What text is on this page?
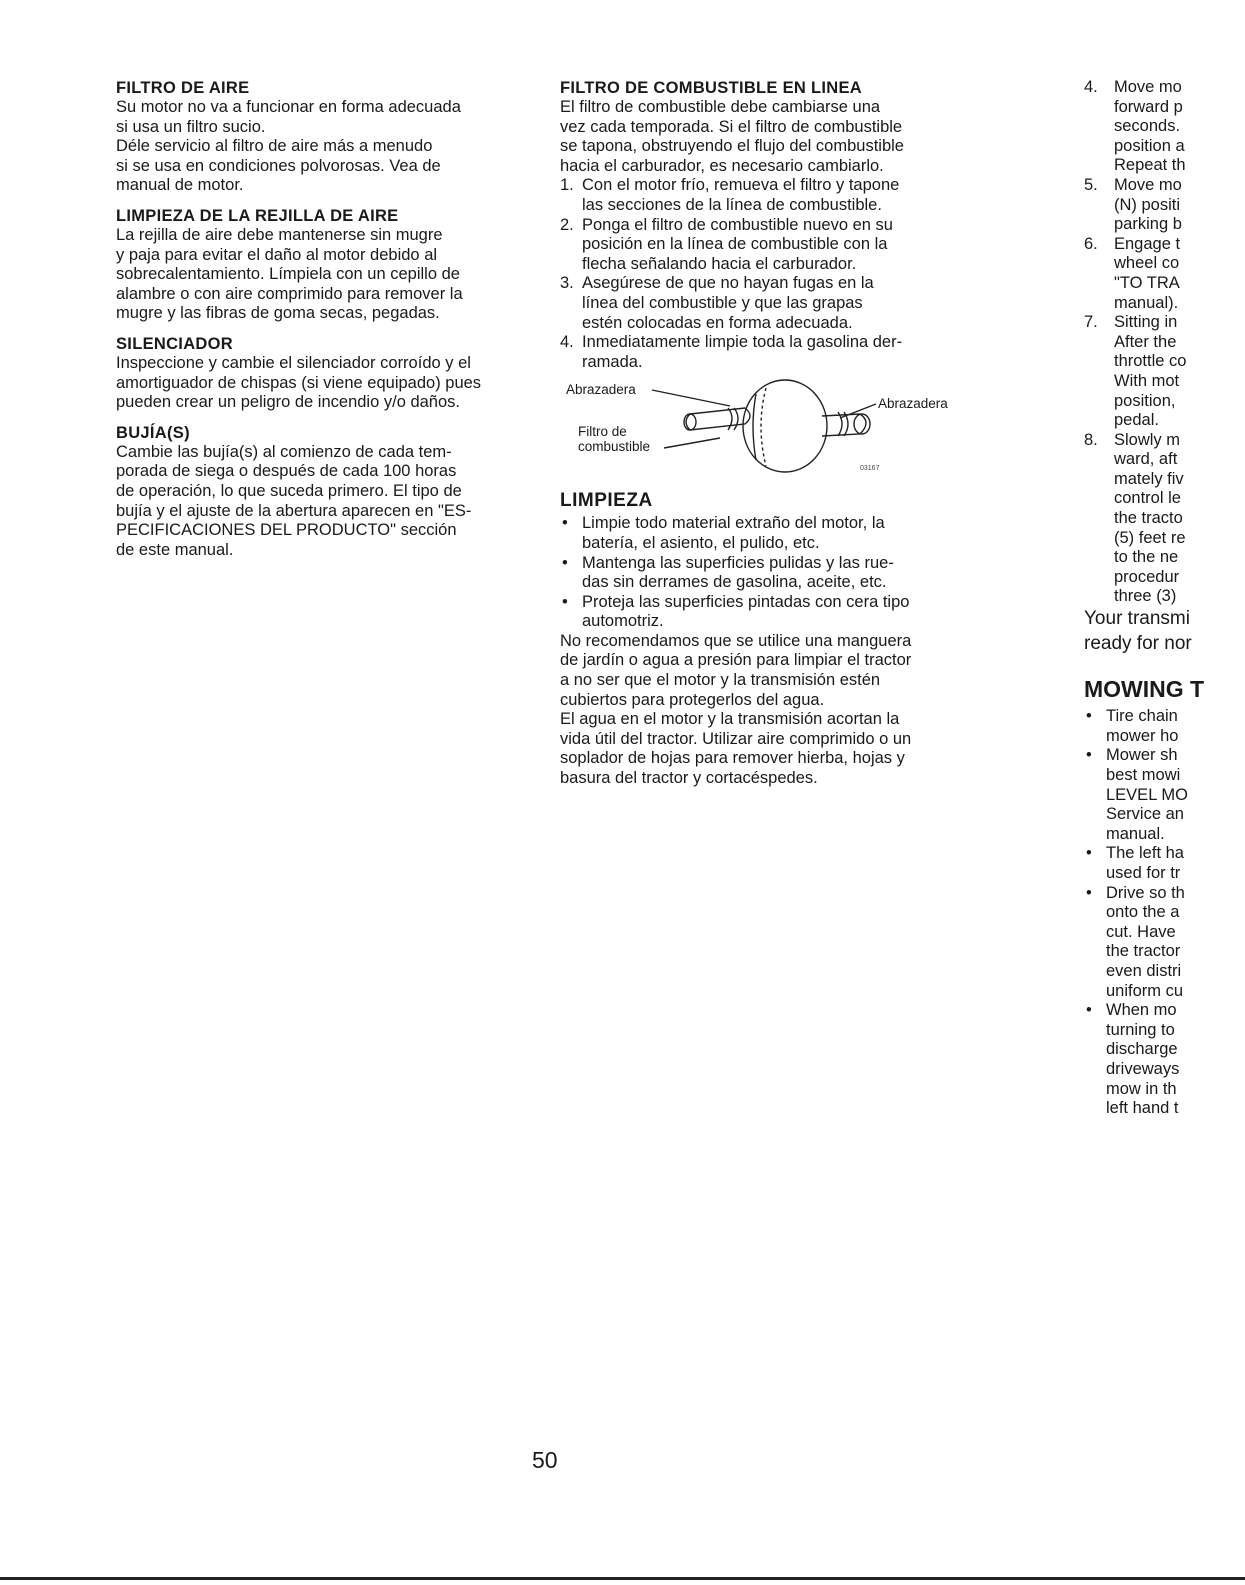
FILTRO DE AIRE

Su motor no va a funcionar en forma adecuada

si usa un filtro sucio.

Déle servicio al filtro de aire más a menudo

si se usa en condiciones polvorosas. Vea de

manual de motor.

LIMPIEZA DE LA REJILLA DE AIRE

La rejilla de aire debe mantenerse sin mugre

y paja para evitar el daño al motor debido al

sobrecalentamiento. Límpiela con un cepillo de

alambre o con aire comprimido para remover la

mugre y las fibras de goma secas, pegadas.

SILENCIADOR

Inspeccione y cambie el silenciador corroído y el

amortiguador de chispas (si viene equipado) pues

pueden crear un peligro de incendio y/o daños.

BUJÍA(S)

Cambie las bujía(s) al comienzo de cada tem-

porada de siega o después de cada 100 horas

de operación, lo que suceda primero. El tipo de

bujía y el ajuste de la abertura aparecen en "ES-

PECIFICACIONES DEL PRODUCTO" sección

de este manual.

FILTRO DE COMBUSTIBLE EN LINEA

El filtro de combustible debe cambiarse una

vez cada temporada. Si el filtro de combustible

se tapona, obstruyendo el flujo del combustible

hacia el carburador, es necesario cambiarlo.

1. Con el motor frío, remueva el filtro y tapone
las secciones de la línea de combustible.
2. Ponga el filtro de combustible nuevo en su
posición en la línea de combustible con la
flecha señalando hacia el carburador.
3. Asegúrese de que no hayan fugas en la
línea del combustible y que las grapas
estén colocadas en forma adecuada.
4. Inmediatamente limpie toda la gasolina der-
ramada.
Abrazadera
Abrazadera
Filtro de
combustible
03167
LIMPIEZA
• Limpie todo material extraño del motor, la
batería, el asiento, el pulido, etc.
• Mantenga las superficies pulidas y las rue-
das sin derrames de gasolina, aceite, etc.
• Proteja las superficies pintadas con cera tipo
automotriz.

No recomendamos que se utilice una manguera

de jardín o agua a presión para limpiar el tractor

a no ser que el motor y la transmisión estén

cubiertos para protegerlos del agua.

El agua en el motor y la transmisión acortan la

vida útil del tractor. Utilizar aire comprimido o un

soplador de hojas para remover hierba, hojas y

basura del tractor y cortacéspedes.

4. Move mo
forward p
seconds.
position a
Repeat th
5. Move mo
(N) positi
parking b
6. Engage t
wheel co
"TO TRA
manual).
7. Sitting in
After the
throttle co
With mot
position,
pedal.
8. Slowly m
ward, aft
mately fiv
control le
the tracto
(5) feet re
to the ne
procedur
three (3)

Your transmi

ready for nor

MOWING T
• Tire chain
mower ho
• Mower sh
best mowi
LEVEL MO
Service an
manual.
• The left ha
used for tr
• Drive so th
onto the a
cut. Have
the tractor
even distri
uniform cu
• When mo
turning to
discharge
driveways
mow in th
left hand t
50
